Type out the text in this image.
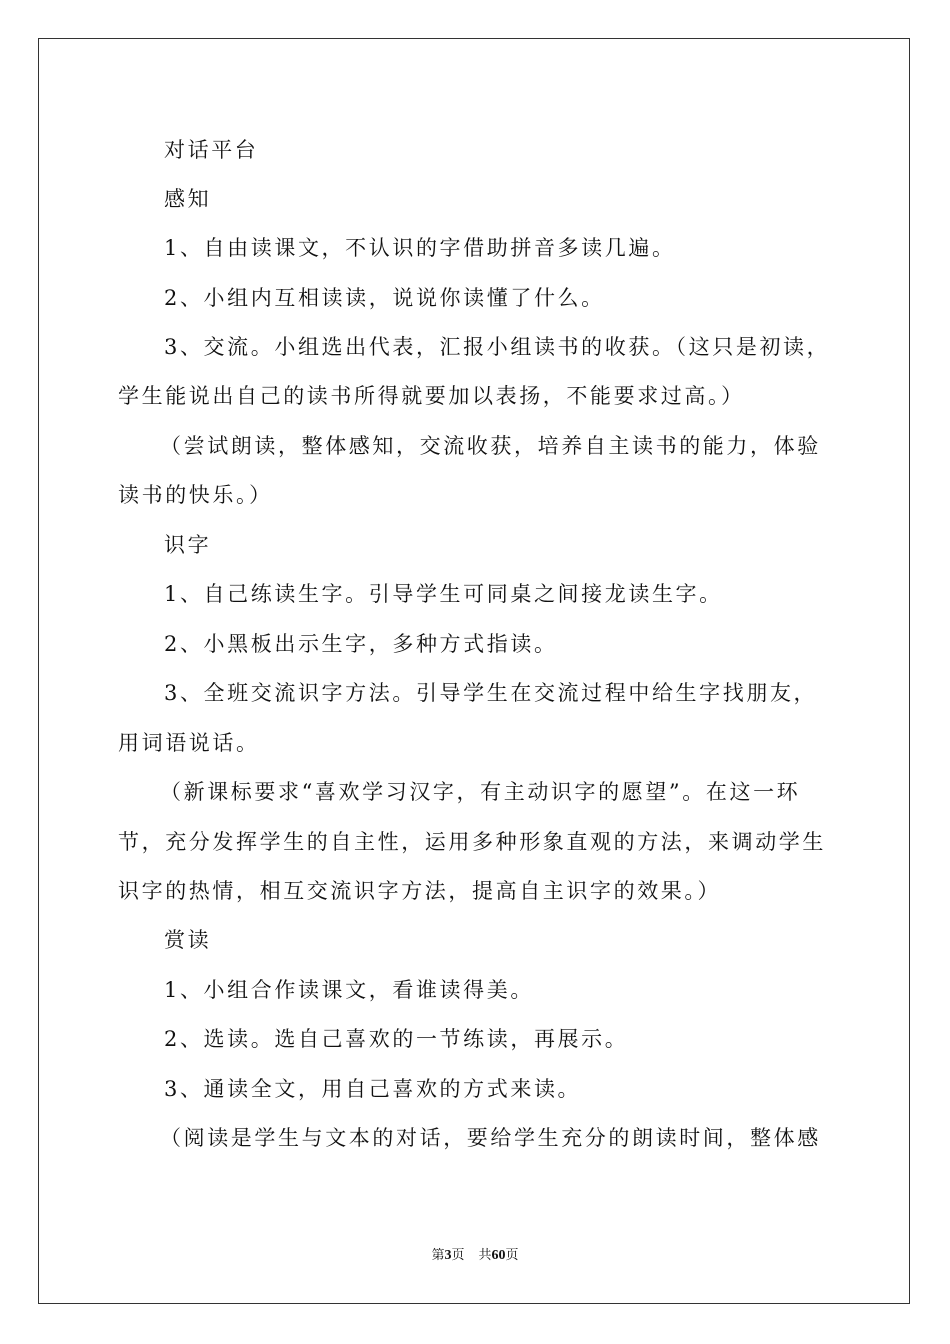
对话平台
感知
1、自由读课文，不认识的字借助拼音多读几遍。
2、小组内互相读读，说说你读懂了什么。
3、交流。小组选出代表，汇报小组读书的收获。（这只是初读，
学生能说出自己的读书所得就要加以表扬，不能要求过高。）
（尝试朗读，整体感知，交流收获，培养自主读书的能力，体验
读书的快乐。）
识字
1、自己练读生字。引导学生可同桌之间接龙读生字。
2、小黑板出示生字，多种方式指读。
3、全班交流识字方法。引导学生在交流过程中给生字找朋友，
用词语说话。
（新课标要求“喜欢学习汉字，有主动识字的愿望”。在这一环
节，充分发挥学生的自主性，运用多种形象直观的方法，来调动学生
识字的热情，相互交流识字方法，提高自主识字的效果。）
赏读
1、小组合作读课文，看谁读得美。
2、选读。选自己喜欢的一节练读，再展示。
3、通读全文，用自己喜欢的方式来读。
（阅读是学生与文本的对话，要给学生充分的朗读时间，整体感
第3页 共60页
